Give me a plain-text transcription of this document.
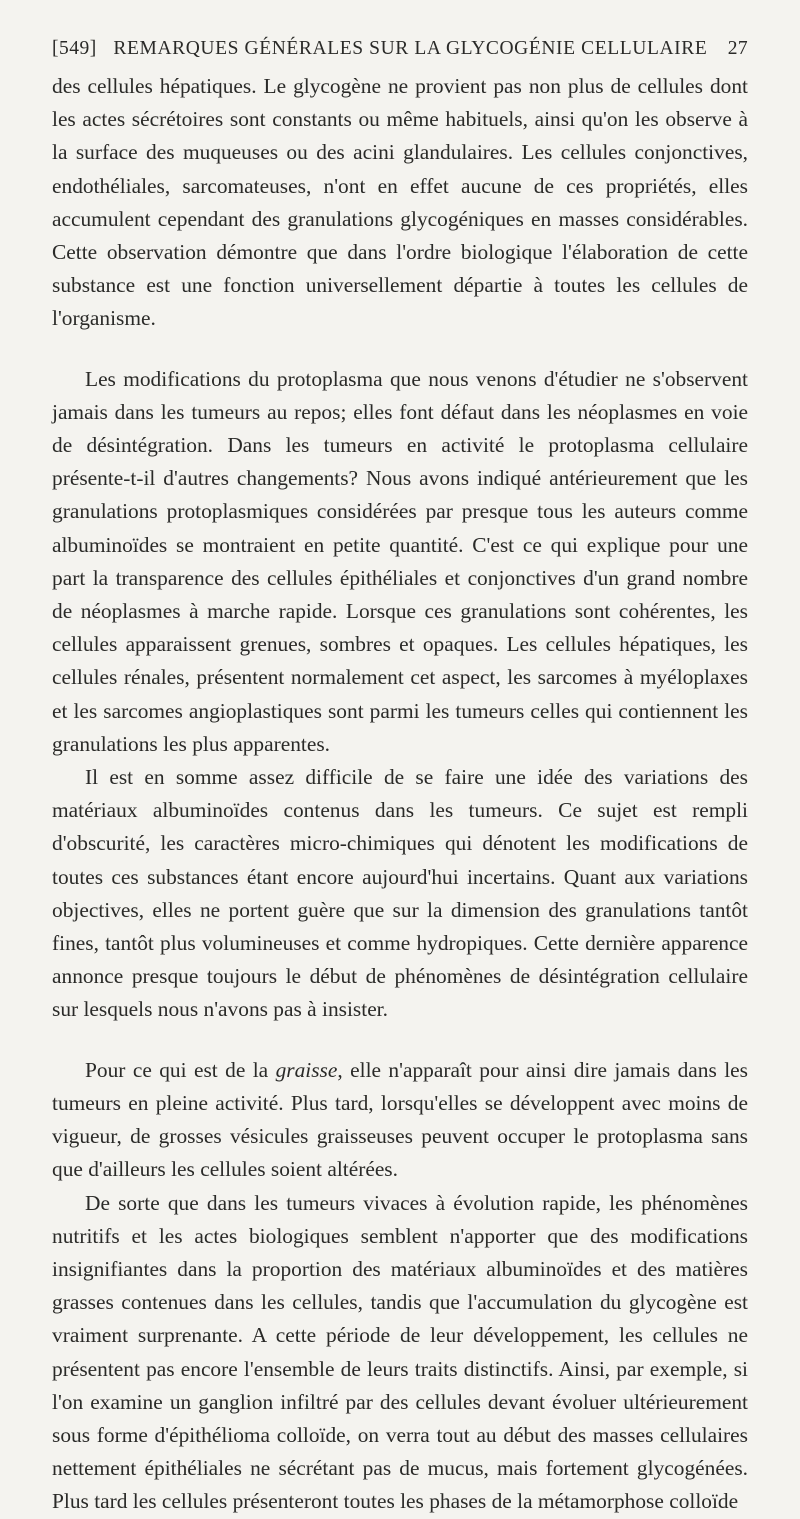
[549] REMARQUES GÉNÉRALES SUR LA GLYCOGÉNIE CELLULAIRE	27

des cellules hépatiques. Le glycogène ne provient pas non plus de cellules dont les actes sécrétoires sont constants ou même habituels, ainsi qu'on les observe à la surface des muqueuses ou des acini glandulaires. Les cellules conjonctives, endothéliales, sarcomateuses, n'ont en effet aucune de ces propriétés, elles accumulent cependant des granulations glycogéniques en masses considérables. Cette observation démontre que dans l'ordre biologique l'élaboration de cette substance est une fonction universellement départie à toutes les cellules de l'organisme.

Les modifications du protoplasma que nous venons d'étudier ne s'observent jamais dans les tumeurs au repos; elles font défaut dans les néoplasmes en voie de désintégration. Dans les tumeurs en activité le protoplasma cellulaire présente-t-il d'autres changements? Nous avons indiqué antérieurement que les granulations protoplasmiques considérées par presque tous les auteurs comme albuminoïdes se montraient en petite quantité. C'est ce qui explique pour une part la transparence des cellules épithéliales et conjonctives d'un grand nombre de néoplasmes à marche rapide. Lorsque ces granulations sont cohérentes, les cellules apparaissent grenues, sombres et opaques. Les cellules hépatiques, les cellules rénales, présentent normalement cet aspect, les sarcomes à myéloplaxes et les sarcomes angioplastiques sont parmi les tumeurs celles qui contiennent les granulations les plus apparentes.

Il est en somme assez difficile de se faire une idée des variations des matériaux albuminoïdes contenus dans les tumeurs. Ce sujet est rempli d'obscurité, les caractères micro-chimiques qui dénotent les modifications de toutes ces substances étant encore aujourd'hui incertains. Quant aux variations objectives, elles ne portent guère que sur la dimension des granulations tantôt fines, tantôt plus volumineuses et comme hydropiques. Cette dernière apparence annonce presque toujours le début de phénomènes de désintégration cellulaire sur lesquels nous n'avons pas à insister.

Pour ce qui est de la graisse, elle n'apparaît pour ainsi dire jamais dans les tumeurs en pleine activité. Plus tard, lorsqu'elles se développent avec moins de vigueur, de grosses vésicules graisseuses peuvent occuper le protoplasma sans que d'ailleurs les cellules soient altérées.

De sorte que dans les tumeurs vivaces à évolution rapide, les phénomènes nutritifs et les actes biologiques semblent n'apporter que des modifications insignifiantes dans la proportion des matériaux albuminoïdes et des matières grasses contenues dans les cellules, tandis que l'accumulation du glycogène est vraiment surprenante. A cette période de leur développement, les cellules ne présentent pas encore l'ensemble de leurs traits distinctifs. Ainsi, par exemple, si l'on examine un ganglion infiltré par des cellules devant évoluer ultérieurement sous forme d'épithélioma colloïde, on verra tout au début des masses cellulaires nettement épithéliales ne sécrétant pas de mucus, mais fortement glycogénées. Plus tard les cellules présenteront toutes les phases de la métamorphose colloïde
